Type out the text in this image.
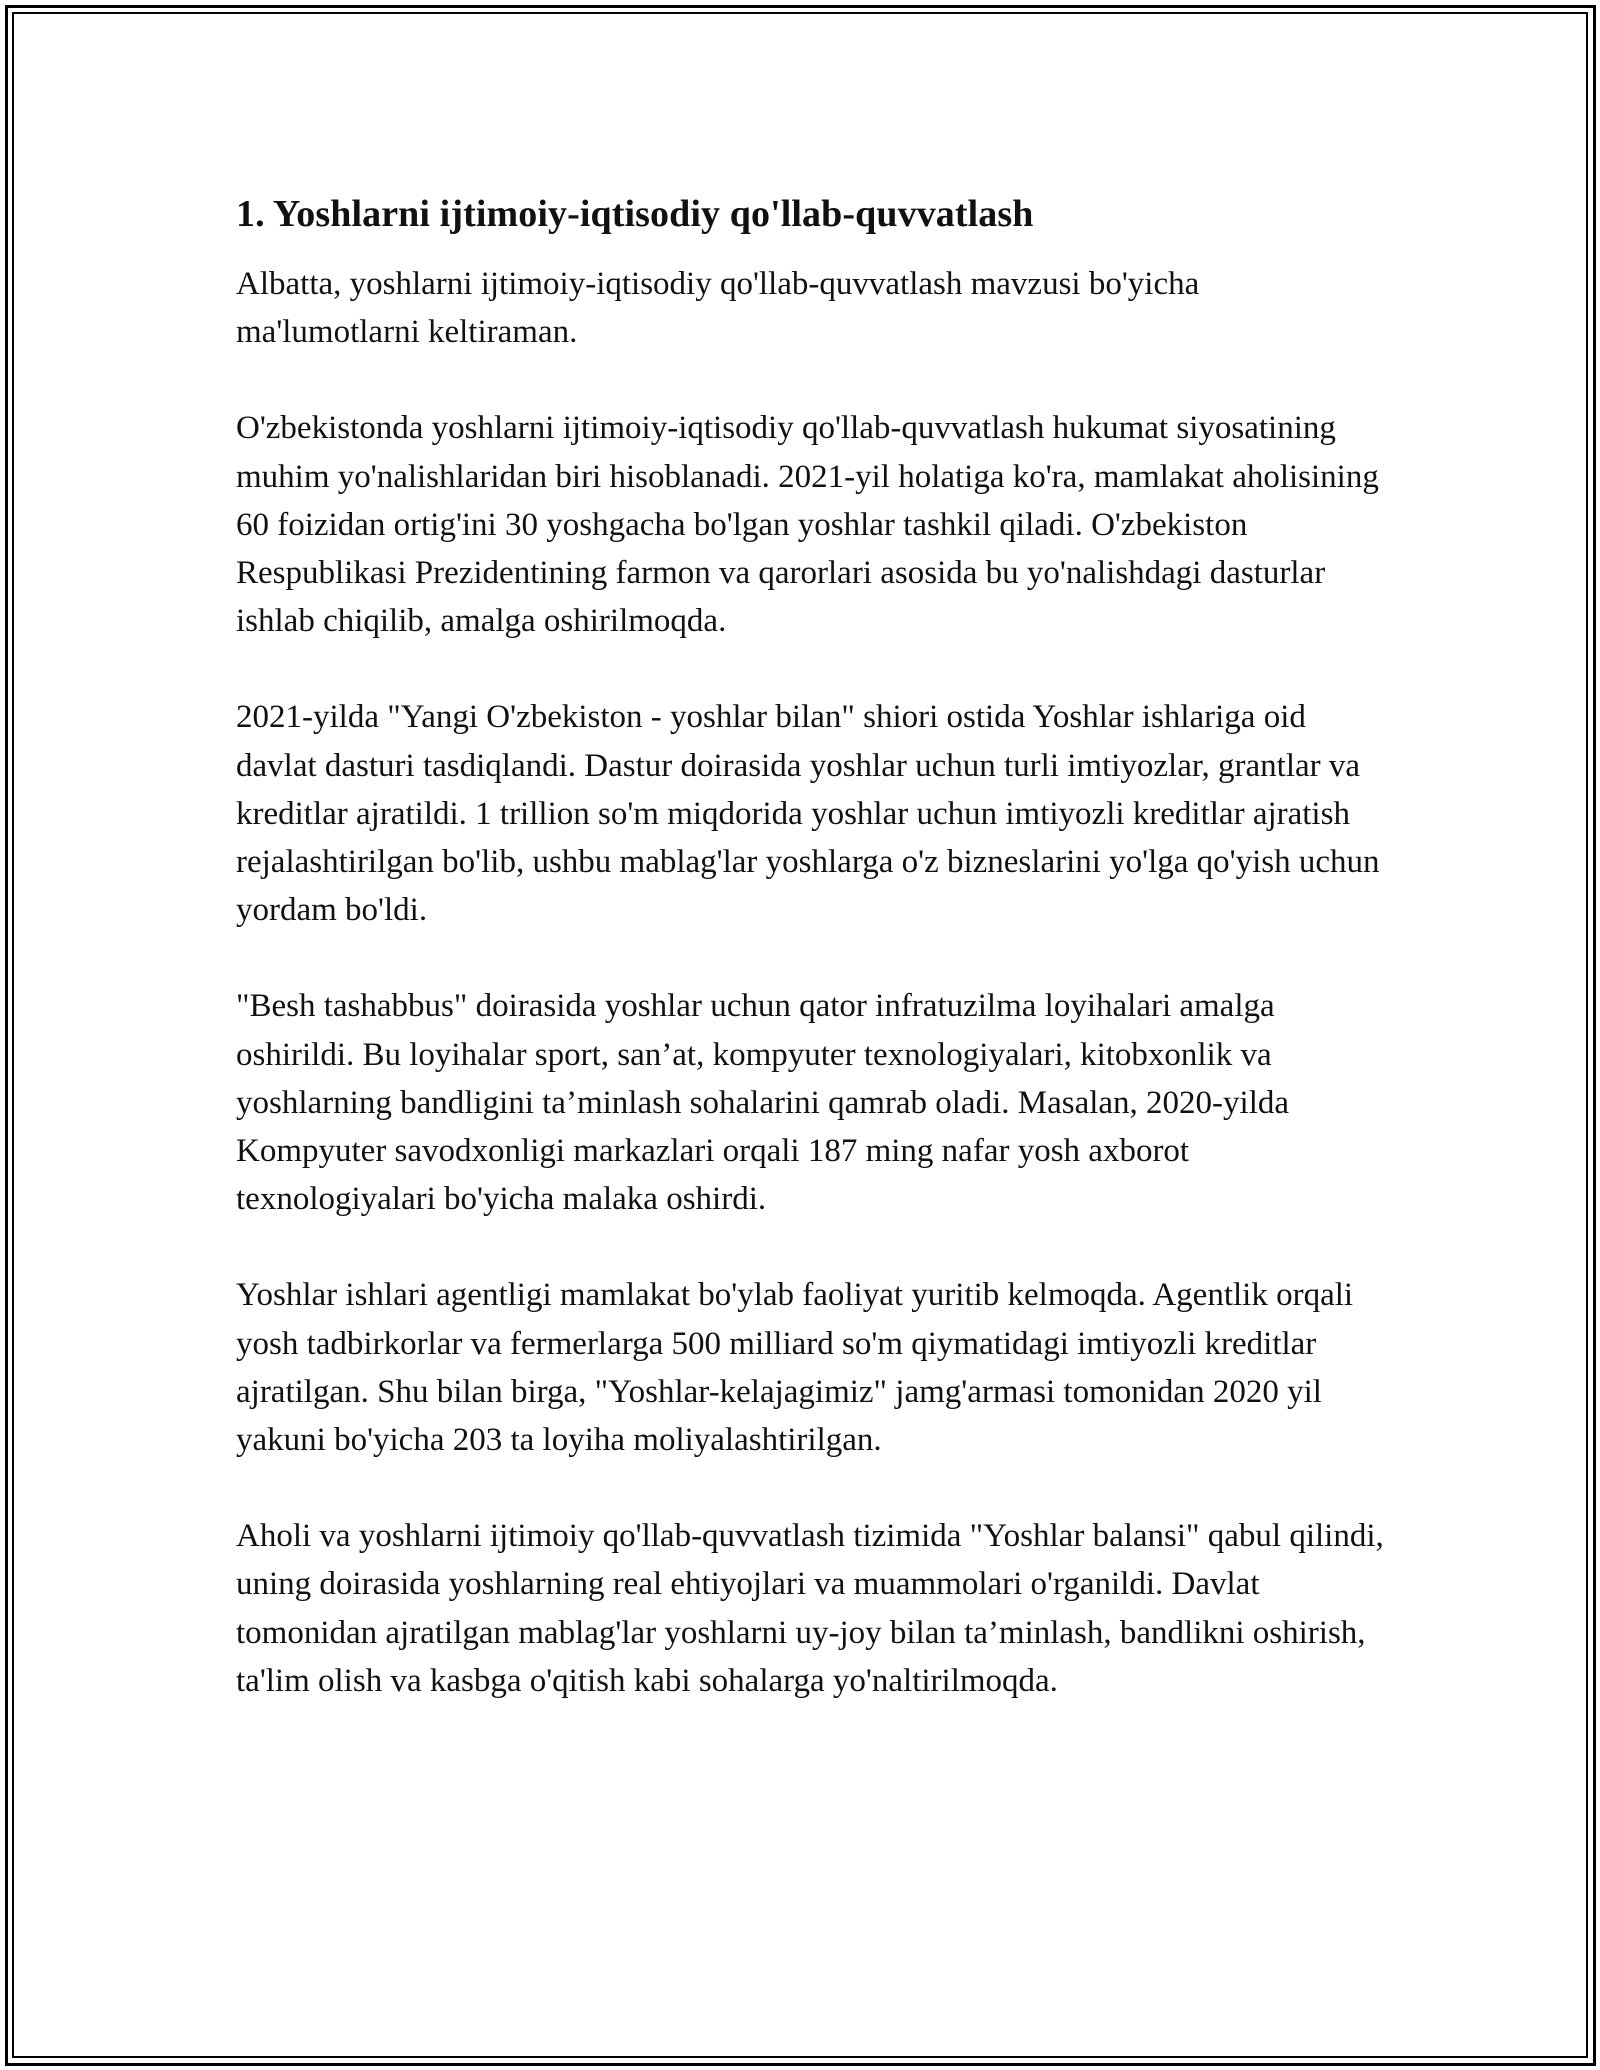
1. Yoshlarni ijtimoiy-iqtisodiy qo'llab-quvvatlash

Albatta, yoshlarni ijtimoiy-iqtisodiy qo'llab-quvvatlash mavzusi bo'yicha ma'lumotlarni keltiraman.

O'zbekistonda yoshlarni ijtimoiy-iqtisodiy qo'llab-quvvatlash hukumat siyosatining muhim yo'nalishlaridan biri hisoblanadi. 2021-yil holatiga ko'ra, mamlakat aholisining 60 foizidan ortig'ini 30 yoshgacha bo'lgan yoshlar tashkil qiladi. O'zbekiston Respublikasi Prezidentining farmon va qarorlari asosida bu yo'nalishdagi dasturlar ishlab chiqilib, amalga oshirilmoqda.

2021-yilda "Yangi O'zbekiston - yoshlar bilan" shiori ostida Yoshlar ishlariga oid davlat dasturi tasdiqlandi. Dastur doirasida yoshlar uchun turli imtiyozlar, grantlar va kreditlar ajratildi. 1 trillion so'm miqdorida yoshlar uchun imtiyozli kreditlar ajratish rejalashtirilgan bo'lib, ushbu mablag'lar yoshlarga o'z bizneslarini yo'lga qo'yish uchun yordam bo'ldi.

"Besh tashabbus" doirasida yoshlar uchun qator infratuzilma loyihalari amalga oshirildi. Bu loyihalar sport, san’at, kompyuter texnologiyalari, kitobxonlik va yoshlarning bandligini ta’minlash sohalarini qamrab oladi. Masalan, 2020-yilda Kompyuter savodxonligi markazlari orqali 187 ming nafar yosh axborot texnologiyalari bo'yicha malaka oshirdi.

Yoshlar ishlari agentligi mamlakat bo'ylab faoliyat yuritib kelmoqda. Agentlik orqali yosh tadbirkorlar va fermerlarga 500 milliard so'm qiymatidagi imtiyozli kreditlar ajratilgan. Shu bilan birga, "Yoshlar-kelajagimiz" jamg'armasi tomonidan 2020 yil yakuni bo'yicha 203 ta loyiha moliyalashtirilgan.

Aholi va yoshlarni ijtimoiy qo'llab-quvvatlash tizimida "Yoshlar balansi" qabul qilindi, uning doirasida yoshlarning real ehtiyojlari va muammolari o'rganildi. Davlat tomonidan ajratilgan mablag'lar yoshlarni uy-joy bilan ta’minlash, bandlikni oshirish, ta'lim olish va kasbga o'qitish kabi sohalarga yo'naltirilmoqda.
